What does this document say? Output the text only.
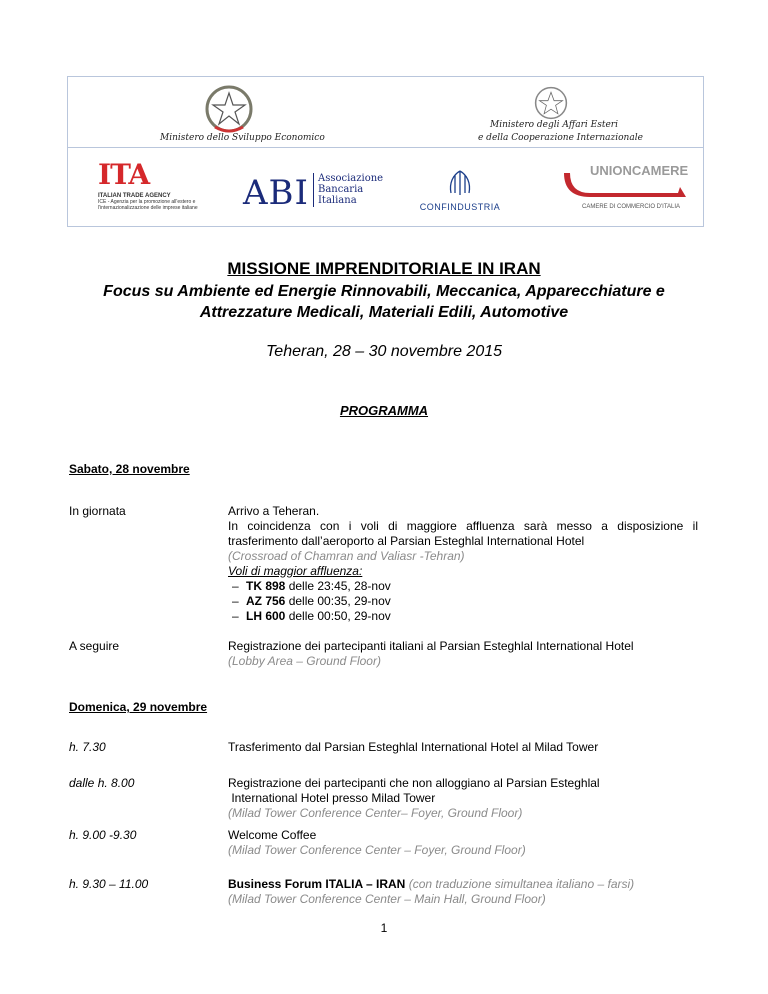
Ministero dello Sviluppo Economico
Ministero degli Affari Esteri
e della Cooperazione Internazionale
ITA
ITALIAN TRADE AGENCY
ICE - Agenzia per la promozione all'estero e
l'internazionalizzazione delle imprese italiane	ABI Associazione
Bancaria
Italiana
CONFINDUSTRIA
UNIONCAMERE
CAMERE DI COMMERCIO D'ITALIA
MISSIONE IMPRENDITORIALE IN IRAN
Focus su Ambiente ed Energie Rinnovabili, Meccanica, Apparecchiature e
Attrezzature Medicali, Materiali Edili, Automotive
Teheran, 28 – 30 novembre 2015
PROGRAMMA
Sabato, 28 novembre
In giornata	Arrivo a Teheran.
In coincidenza con i voli di maggiore affluenza sarà messo a disposizione il trasferimento dall’aeroporto al Parsian Esteghlal International Hotel
(Crossroad of Chamran and Valiasr -Tehran)
Voli di maggior affluenza:
– TK 898 delle 23:45, 28-nov
– AZ 756 delle 00:35, 29-nov
– LH 600 delle 00:50, 29-nov
A seguire	Registrazione dei partecipanti italiani al Parsian Esteghlal International Hotel
(Lobby Area – Ground Floor)
Domenica, 29 novembre
h. 7.30	Trasferimento dal Parsian Esteghlal International Hotel al Milad Tower
dalle h. 8.00	Registrazione dei partecipanti che non alloggiano al Parsian Esteghlal
International Hotel presso Milad Tower
(Milad Tower Conference Center– Foyer, Ground Floor)
h. 9.00 -9.30	Welcome Coffee
(Milad Tower Conference Center – Foyer, Ground Floor)
h. 9.30 – 11.00	Business Forum ITALIA – IRAN (con traduzione simultanea italiano – farsi)
(Milad Tower Conference Center – Main Hall, Ground Floor)
1
